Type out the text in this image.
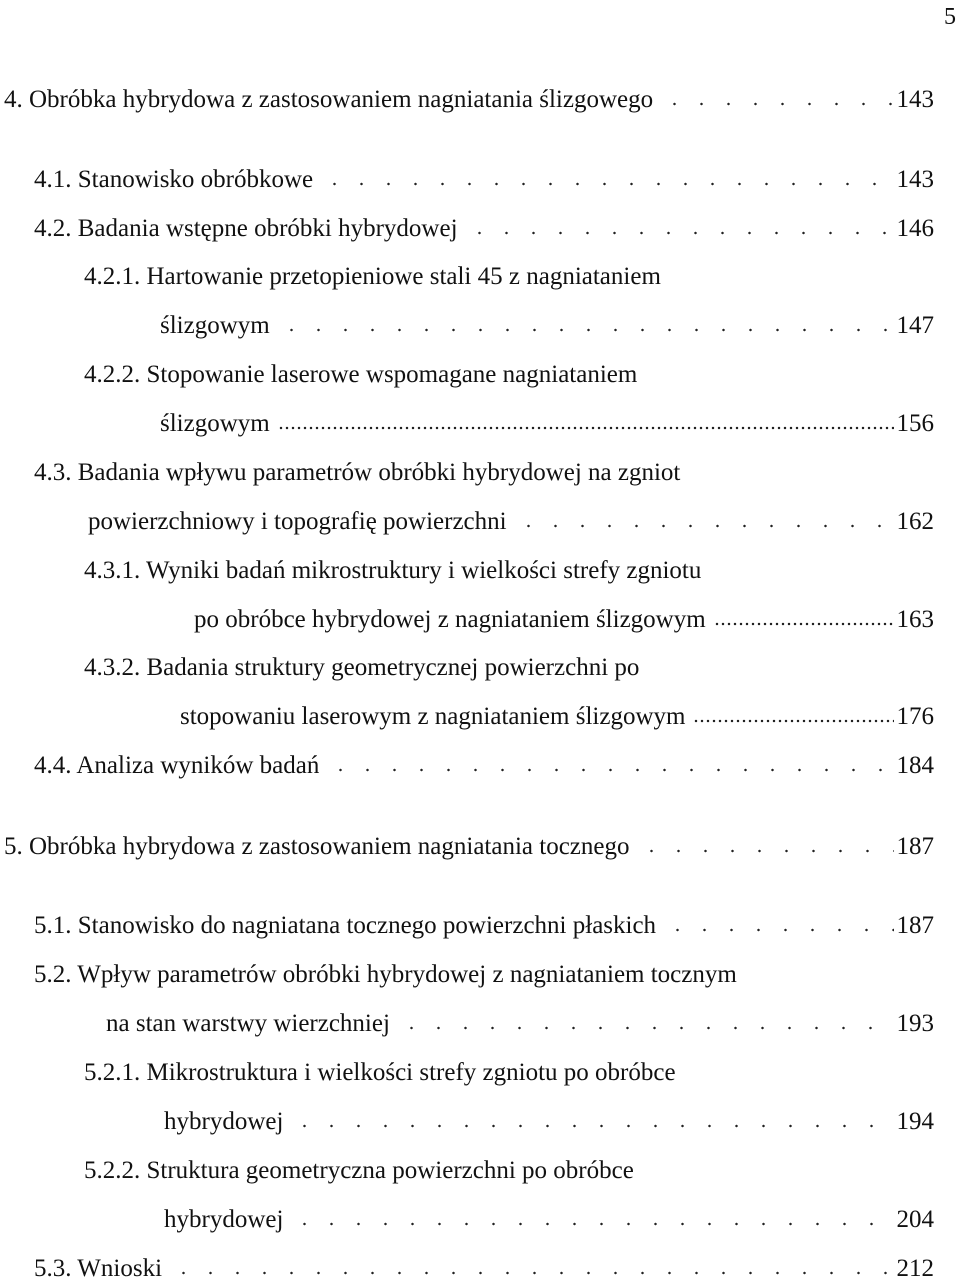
5
4. Obróbka hybrydowa z zastosowaniem nagniatania ślizgowego	143
4.1. Stanowisko obróbkowe	143
4.2. Badania wstępne obróbki hybrydowej	146
4.2.1. Hartowanie przetopieniowe stali 45 z nagniataniem
ślizgowym	147
4.2.2. Stopowanie laserowe wspomagane nagniataniem
ślizgowym	156
4.3. Badania wpływu parametrów obróbki hybrydowej na zgniot
powierzchniowy i topografię powierzchni	162
4.3.1. Wyniki badań mikrostruktury i wielkości strefy zgniotu
po obróbce hybrydowej z nagniataniem ślizgowym	163
4.3.2. Badania struktury geometrycznej powierzchni po
stopowaniu laserowym z nagniataniem ślizgowym	176
4.4. Analiza wyników badań	184
5. Obróbka hybrydowa z zastosowaniem nagniatania tocznego	187
5.1. Stanowisko do nagniatana tocznego powierzchni płaskich	187
5.2. Wpływ parametrów obróbki hybrydowej z nagniataniem tocznym
na stan warstwy wierzchniej	193
5.2.1. Mikrostruktura i wielkości strefy zgniotu po obróbce
hybrydowej	194
5.2.2. Struktura geometryczna powierzchni po obróbce
hybrydowej	204
5.3. Wnioski	212
